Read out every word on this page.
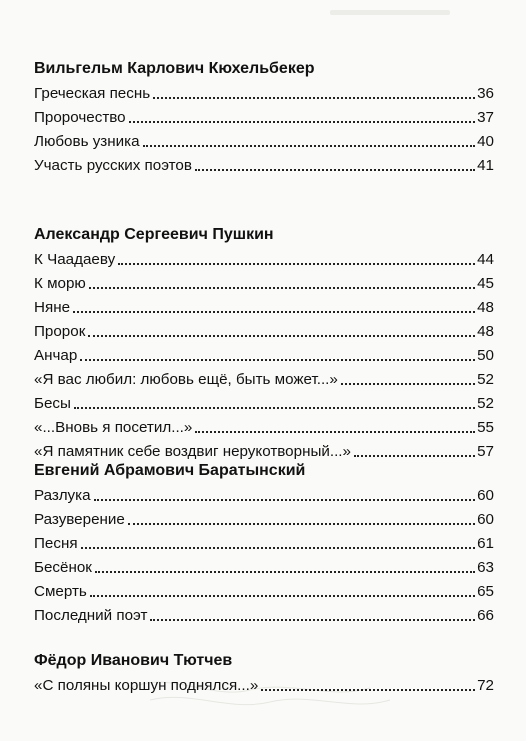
Вильгельм Карлович Кюхельбекер
Греческая песнь	36
Пророчество	37
Любовь узника	40
Участь русских поэтов	41
Александр Сергеевич Пушкин
К Чаадаеву	44
К морю	45
Няне	48
Пророк	48
Анчар	50
«Я вас любил: любовь ещё, быть может...»	52
Бесы	52
«...Вновь я посетил...»	55
«Я памятник себе воздвиг нерукотворный...»	57
Евгений Абрамович Баратынский
Разлука	60
Разуверение	60
Песня	61
Бесёнок	63
Смерть	65
Последний поэт	66
Фёдор Иванович Тютчев
«С поляны коршун поднялся...»	72
